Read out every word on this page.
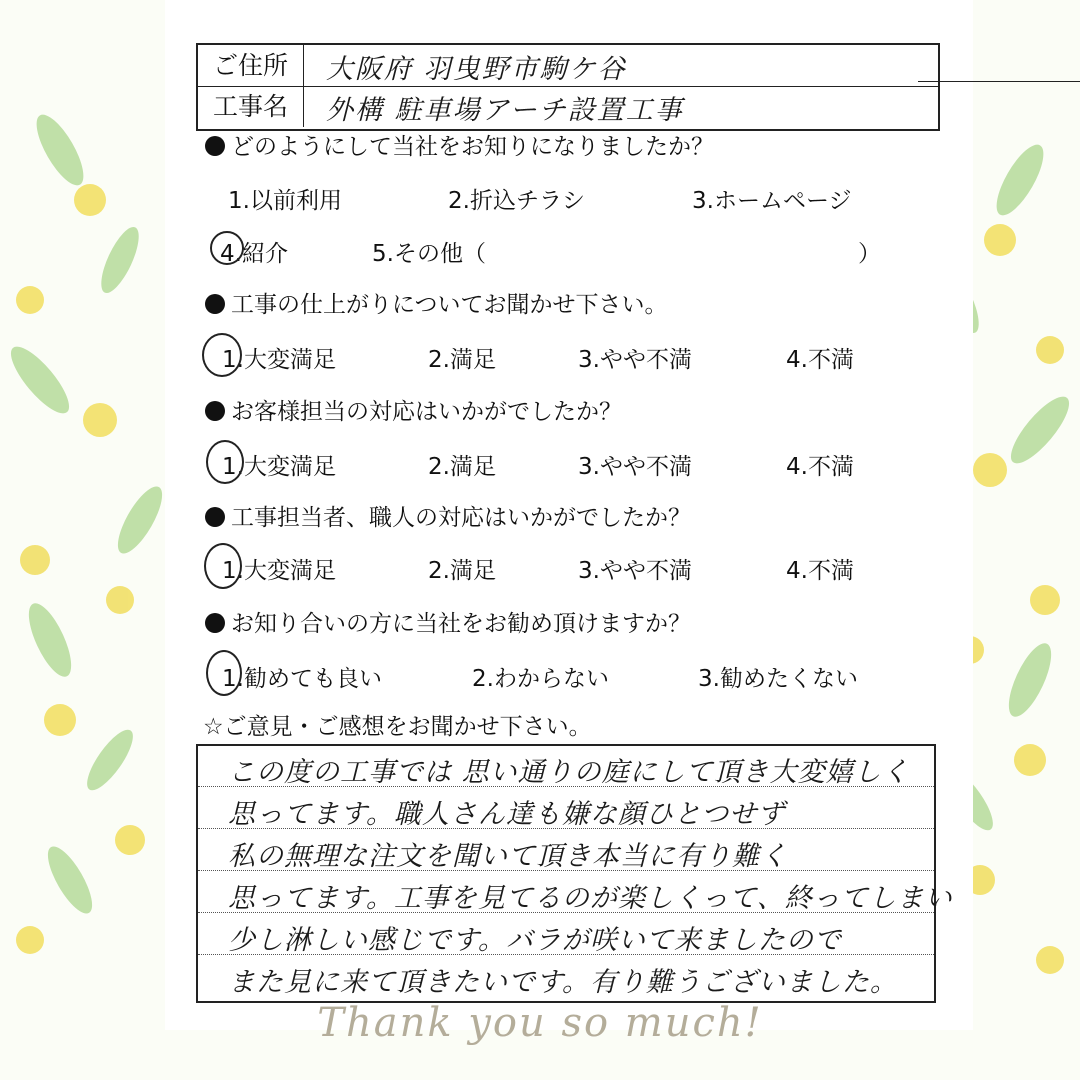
ご住所	大阪府 羽曳野市駒ケ谷
工事名	外構 駐車場アーチ設置工事
どのようにして当社をお知りになりましたか？
1.以前利用	2.折込チラシ	3.ホームページ
4.紹介	5.その他（	）
工事の仕上がりについてお聞かせ下さい。
1.大変満足	2.満足	3.やや不満	4.不満
お客様担当の対応はいかがでしたか？
1.大変満足	2.満足	3.やや不満	4.不満
工事担当者、職人の対応はいかがでしたか？
1.大変満足	2.満足	3.やや不満	4.不満
お知り合いの方に当社をお勧め頂けますか？
1.勧めても良い	2.わからない	3.勧めたくない
☆ご意見・ご感想をお聞かせ下さい。
この度の工事では 思い通りの庭にして頂き大変嬉しく
思ってます。職人さん達も嫌な顔ひとつせず
私の無理な注文を聞いて頂き本当に有り難く
思ってます。工事を見てるのが楽しくって、終ってしまい
少し淋しい感じです。バラが咲いて来ましたので
また見に来て頂きたいです。有り難うございました。
Thank you so much!
